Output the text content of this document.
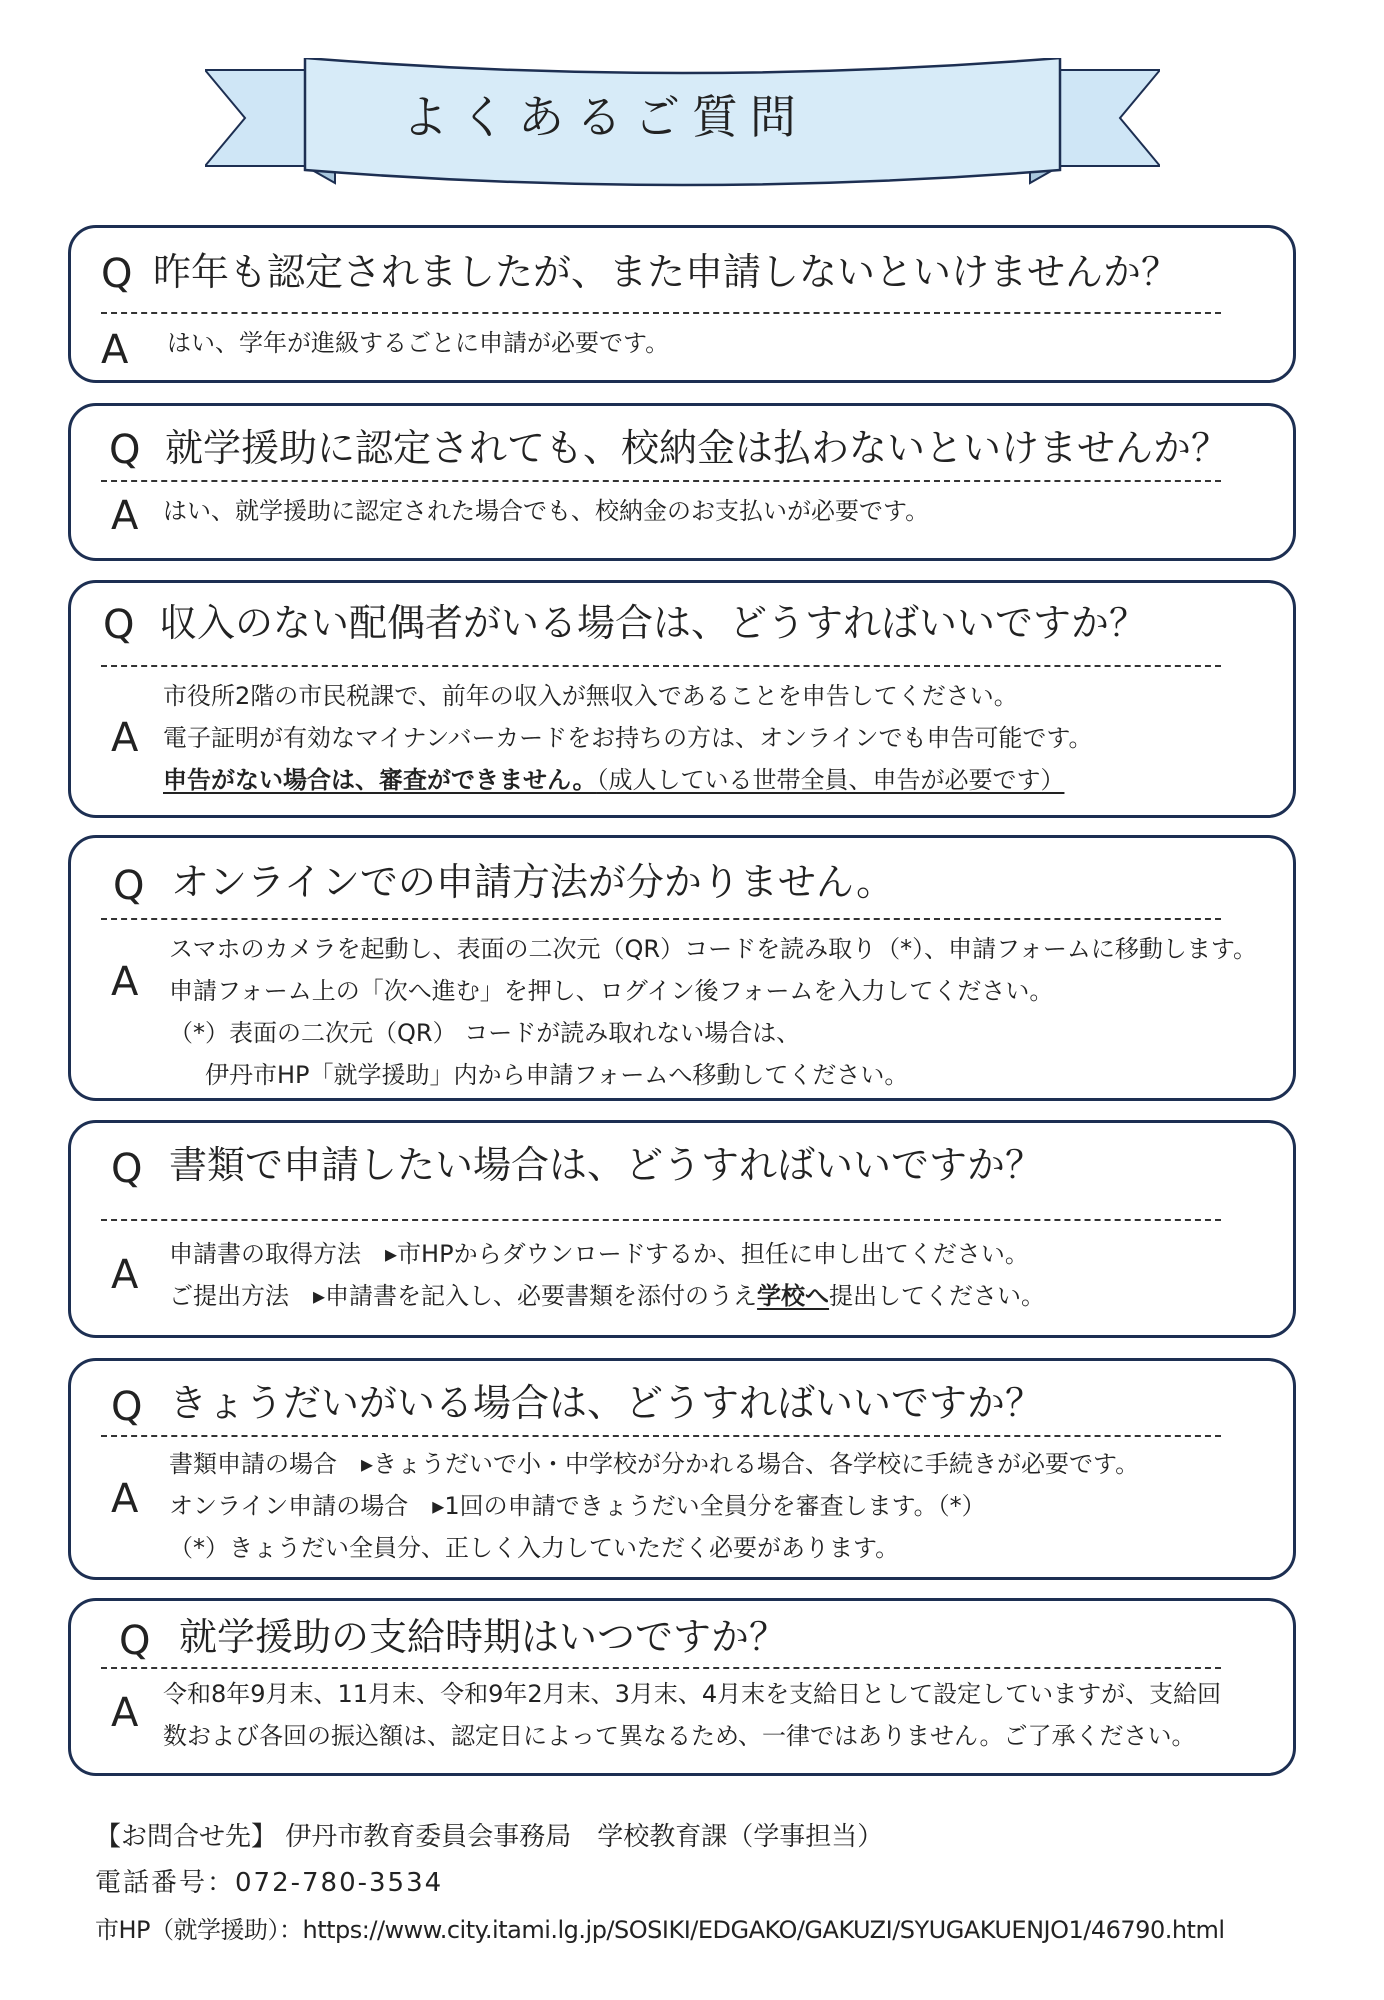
よくあるご質問
Q 昨年も認定されましたが、また申請しないといけませんか？
A はい、学年が進級するごとに申請が必要です。
Q 就学援助に認定されても、校納金は払わないといけませんか？
A はい、就学援助に認定された場合でも、校納金のお支払いが必要です。
Q 収入のない配偶者がいる場合は、どうすればいいですか？
A
市役所2階の市民税課で、前年の収入が無収入であることを申告してください。
電子証明が有効なマイナンバーカードをお持ちの方は、オンラインでも申告可能です。
申告がない場合は、審査ができません。（成人している世帯全員、申告が必要です）
Q オンラインでの申請方法が分かりません。
A
スマホのカメラを起動し、表面の二次元（QR）コードを読み取り（*）、申請フォームに移動します。
申請フォーム上の「次へ進む」を押し、ログイン後フォームを入力してください。
（*）表面の二次元（QR） コードが読み取れない場合は、
伊丹市HP「就学援助」内から申請フォームへ移動してください。
Q 書類で申請したい場合は、どうすればいいですか？
A 申請書の取得方法　▸市HPからダウンロードするか、担任に申し出てください。
ご提出方法　▸申請書を記入し、必要書類を添付のうえ学校へ提出してください。
Q きょうだいがいる場合は、どうすればいいですか？
A
書類申請の場合　▸きょうだいで小・中学校が分かれる場合、各学校に手続きが必要です。
オンライン申請の場合　▸1回の申請できょうだい全員分を審査します。（*）
（*）きょうだい全員分、正しく入力していただく必要があります。
Q 就学援助の支給時期はいつですか？
A 令和8年9月末、11月末、令和9年2月末、3月末、4月末を支給日として設定していますが、支給回
数および各回の振込額は、認定日によって異なるため、一律ではありません。ご了承ください。
【お問合せ先】 伊丹市教育委員会事務局　学校教育課（学事担当）
電話番号：072-780-3534
市HP（就学援助）：https://www.city.itami.lg.jp/SOSIKI/EDGAKO/GAKUZI/SYUGAKUENJO1/46790.html
